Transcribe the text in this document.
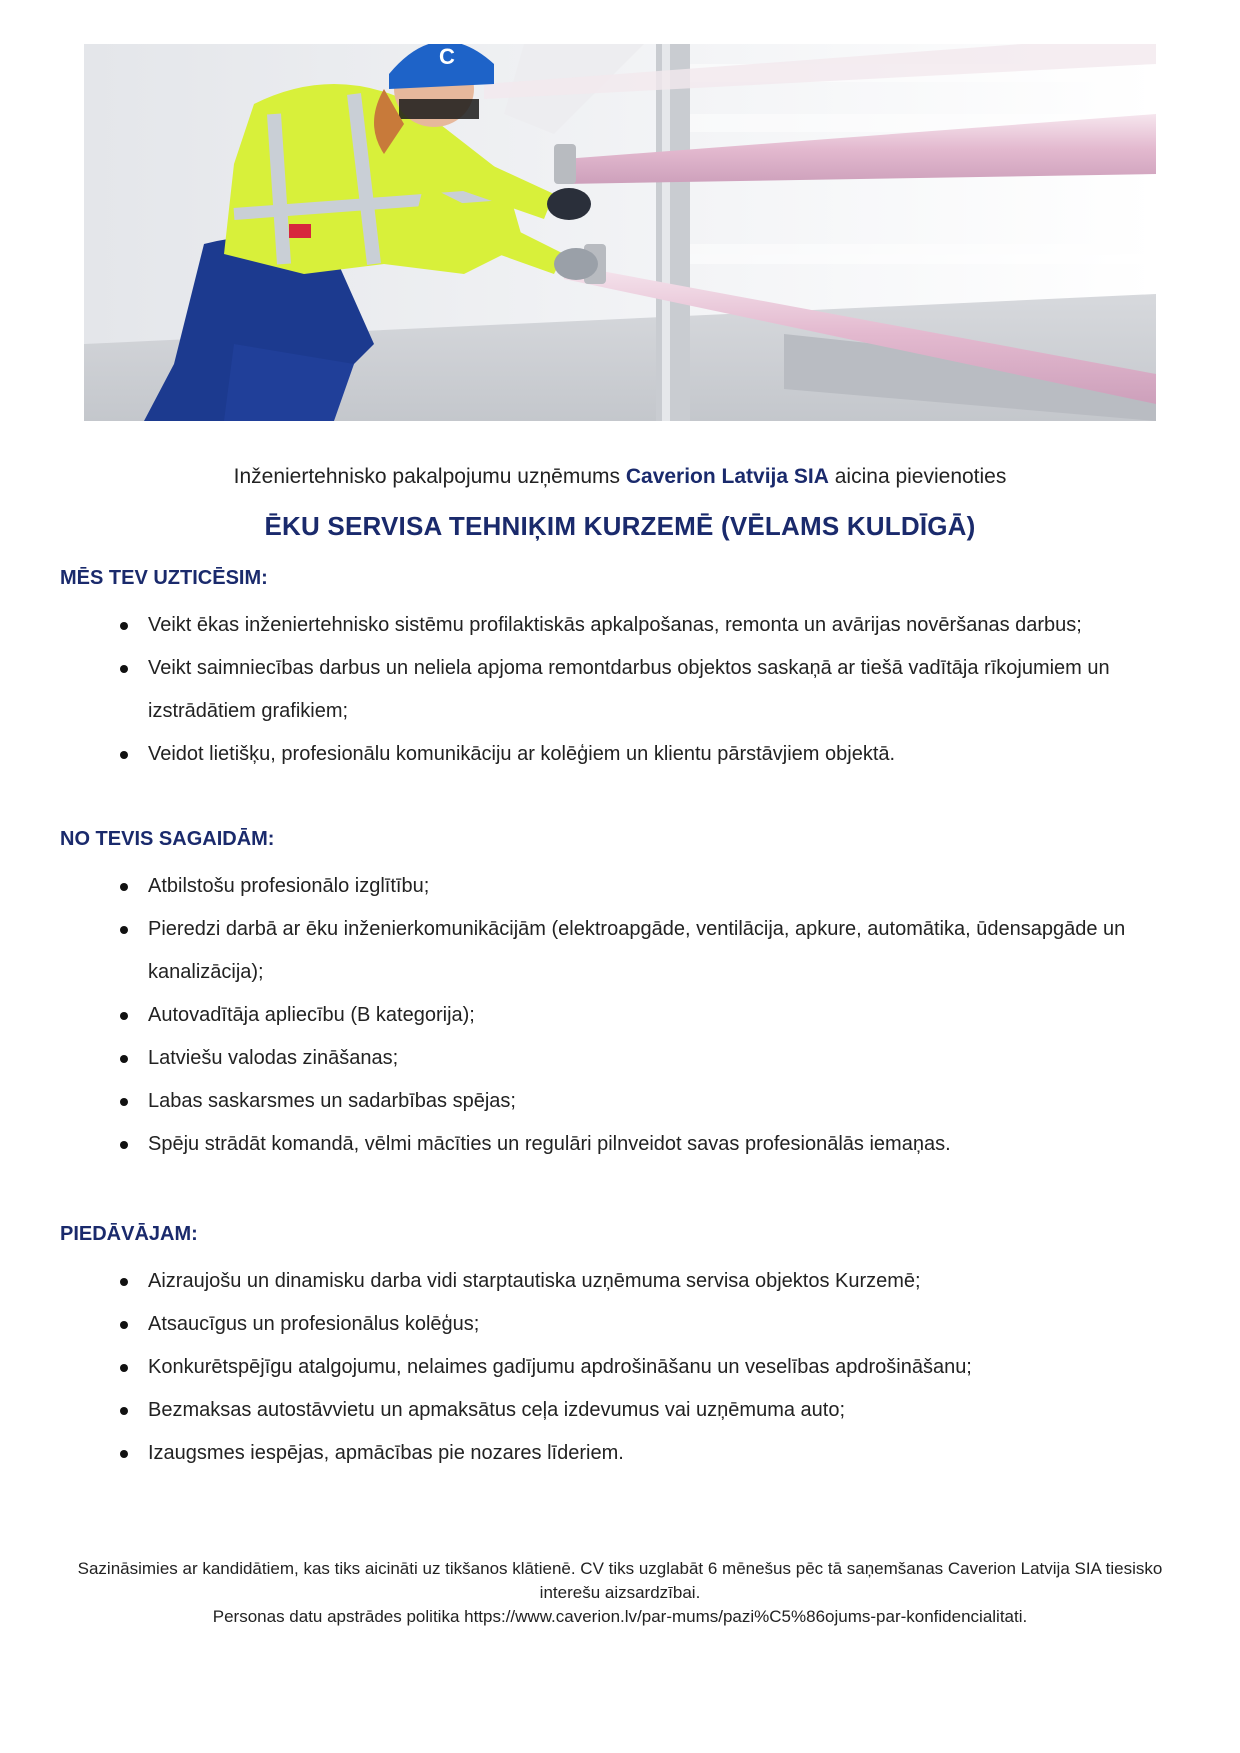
C
Inženiertehnisko pakalpojumu uzņēmums Caverion Latvija SIA aicina pievienoties
ĒKU SERVISA TEHNIĶIM KURZEMĒ (VĒLAMS KULDĪGĀ)
MĒS TEV UZTICĒSIM:
Veikt ēkas inženiertehnisko sistēmu profilaktiskās apkalpošanas, remonta un avārijas novēršanas darbus;
Veikt saimniecības darbus un neliela apjoma remontdarbus objektos saskaņā ar tiešā vadītāja rīkojumiem un izstrādātiem grafikiem;
Veidot lietišķu, profesionālu komunikāciju ar kolēģiem un klientu pārstāvjiem objektā.
NO TEVIS SAGAIDĀM:
Atbilstošu profesionālo izglītību;
Pieredzi darbā ar ēku inženierkomunikācijām (elektroapgāde, ventilācija, apkure, automātika, ūdensapgāde un kanalizācija);
Autovadītāja apliecību (B kategorija);
Latviešu valodas zināšanas;
Labas saskarsmes un sadarbības spējas;
Spēju strādāt komandā, vēlmi mācīties un regulāri pilnveidot savas profesionālās iemaņas.
PIEDĀVĀJAM:
Aizraujošu un dinamisku darba vidi starptautiska uzņēmuma servisa objektos Kurzemē;
Atsaucīgus un profesionālus kolēģus;
Konkurētspējīgu atalgojumu, nelaimes gadījumu apdrošināšanu un veselības apdrošināšanu;
Bezmaksas autostāvvietu un apmaksātus ceļa izdevumus vai uzņēmuma auto;
Izaugsmes iespējas, apmācības pie nozares līderiem.
Sazināsimies ar kandidātiem, kas tiks aicināti uz tikšanos klātienē. CV tiks uzglabāt 6 mēnešus pēc tā saņemšanas Caverion Latvija SIA tiesisko interešu aizsardzībai.
Personas datu apstrādes politika https://www.caverion.lv/par-mums/pazi%C5%86ojums-par-konfidencialitati.
